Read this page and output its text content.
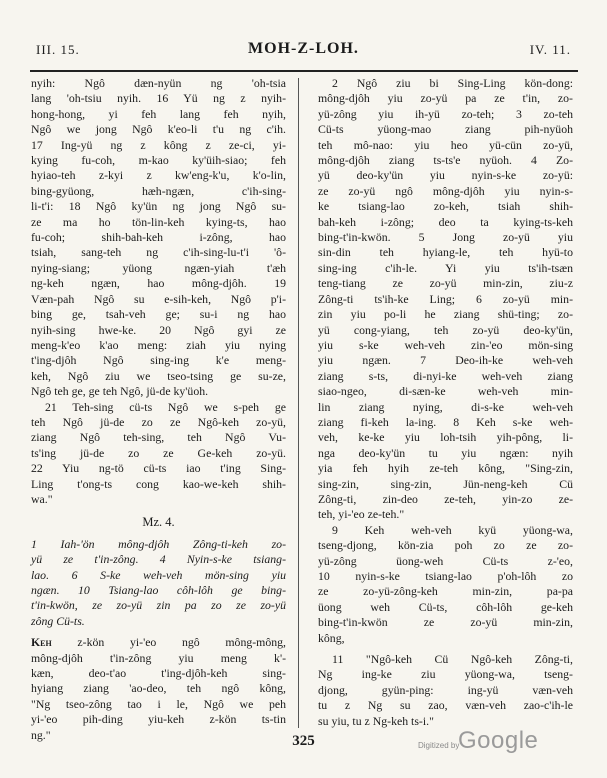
III. 15.	MOH-Z-LOH.	IV. 11.
nyih: Ngô dæn-nyün ng 'oh-tsia
lang 'oh-tsiu nyih. 16 Yü ng z nyih-
hong-hong, yi feh lang feh nyih,
Ngô we jong Ngô k'eo-li t'u ng c'ih.
17 Ing-yü ng z kông z ze-ci, yi-
kying fu-coh, m-kao ky'üih-siao; feh
hyiao-teh z-kyi z kw'eng-k'u, k'o-lin,
bing-gyüong, hæh-ngæn, c'ih-sing-
li-t'i: 18 Ngô ky'ün ng jong Ngô su-
ze ma ho tön-lin-keh kying-ts, hao
fu-coh; shih-bah-keh i-zông, hao
tsiah, sang-teh ng c'ih-sing-lu-t'i 'ô-
nying-siang; yüong ngæn-yiah t'æh
ng-keh ngæn, hao mông-djôh. 19
Væn-pah Ngô su e-sih-keh, Ngô p'i-
bing ge, tsah-veh ge; su-i ng hao
nyih-sing hwe-ke. 20 Ngô gyi ze
meng-k'eo k'ao meng: ziah yiu nying
t'ing-djôh Ngô sing-ing k'e meng-
keh, Ngô ziu we tseo-tsing ge su-ze,
Ngô teh ge, ge teh Ngô, jü-de ky'üoh.
21 Teh-sing cü-ts Ngô we s-peh ge
teh Ngô jü-de zo ze Ngô-keh zo-yü,
ziang Ngô teh-sing, teh Ngô Vu-
ts'ing jü-de zo ze Ge-keh zo-yü.
22 Yiu ng-tö cü-ts iao t'ing Sing-
Ling t'ong-ts cong kao-we-keh shih-
wa."
Mz. 4.
1 Iah-'ön mông-djôh Zông-ti-keh zo-
yü ze t'in-zông. 4 Nyin-s-ke tsiang-
lao. 6 S-ke weh-veh mön-sing yiu
ngæn. 10 Tsiang-lao côh-lôh ge bing-
t'in-kwön, ze zo-yü zin pa zo ze zo-yü
zông Cü-ts.
Keh z-kön yi-'eo ngô mông-mông,
mông-djôh t'in-zông yiu meng k'-
kæn, deo-t'ao t'ing-djôh-keh sing-
hyiang ziang 'ao-deo, teh ngô kông,
"Ng tseo-zông tao i le, Ngô we peh
yi-'eo pih-ding yiu-keh z-kön ts-tin
ng."
2 Ngô ziu bi Sing-Ling kön-dong:
mông-djôh yiu zo-yü pa ze t'in, zo-
yü-zông yiu ih-yü zo-teh; 3 zo-teh
Cü-ts yüong-mao ziang pih-nyüoh
teh mô-nao: yiu heo yü-cün zo-yü,
mông-djôh ziang ts-ts'e nyüoh. 4 Zo-
yü deo-ky'ün yiu nyin-s-ke zo-yü:
ze zo-yü ngô mông-djôh yiu nyin-s-
ke tsiang-lao zo-keh, tsiah shih-
bah-keh i-zông; deo ta kying-ts-keh
bing-t'in-kwön. 5 Jong zo-yü yiu
sin-din teh hyiang-le, teh hyü-to
sing-ing c'ih-le. Yi yiu ts'ih-tsæn
teng-tiang ze zo-yü min-zin, ziu-z
Zông-ti ts'ih-ke Ling; 6 zo-yü min-
zin yiu po-li he ziang shü-ting; zo-
yü cong-yiang, teh zo-yü deo-ky'ün,
yiu s-ke weh-veh zin-'eo mön-sing
yiu ngæn. 7 Deo-ih-ke weh-veh
ziang s-ts, di-nyi-ke weh-veh ziang
siao-ngeo, di-sæn-ke weh-veh min-
lin ziang nying, di-s-ke weh-veh
ziang fi-keh la-ing. 8 Keh s-ke weh-
veh, ke-ke yiu loh-tsih yih-pông, li-
nga deo-ky'ün tu yiu ngæn: nyih
yia feh hyih ze-teh kông, "Sing-zin,
sing-zin, sing-zin, Jün-neng-keh Cü
Zông-ti, zin-deo ze-teh, yin-zo ze-
teh, yi-'eo ze-teh."
9 Keh weh-veh kyü yüong-wa,
tseng-djong, kön-zia poh zo ze zo-
yü-zông üong-weh Cü-ts z-'eo,
10 nyin-s-ke tsiang-lao p'oh-lôh zo
ze zo-yü-zông-keh min-zin, pa-pa
üong weh Cü-ts, côh-lôh ge-keh
bing-t'in-kwön ze zo-yü min-zin,
kông,
11 "Ngô-keh Cü Ngô-keh Zông-ti,
Ng ing-ke ziu yüong-wa, tseng-
djong, gyün-ping: ing-yü væn-veh
tu z Ng su zao, væn-veh zao-c'ih-le
su yiu, tu z Ng-keh ts-i."
325	Digitized by
Google
